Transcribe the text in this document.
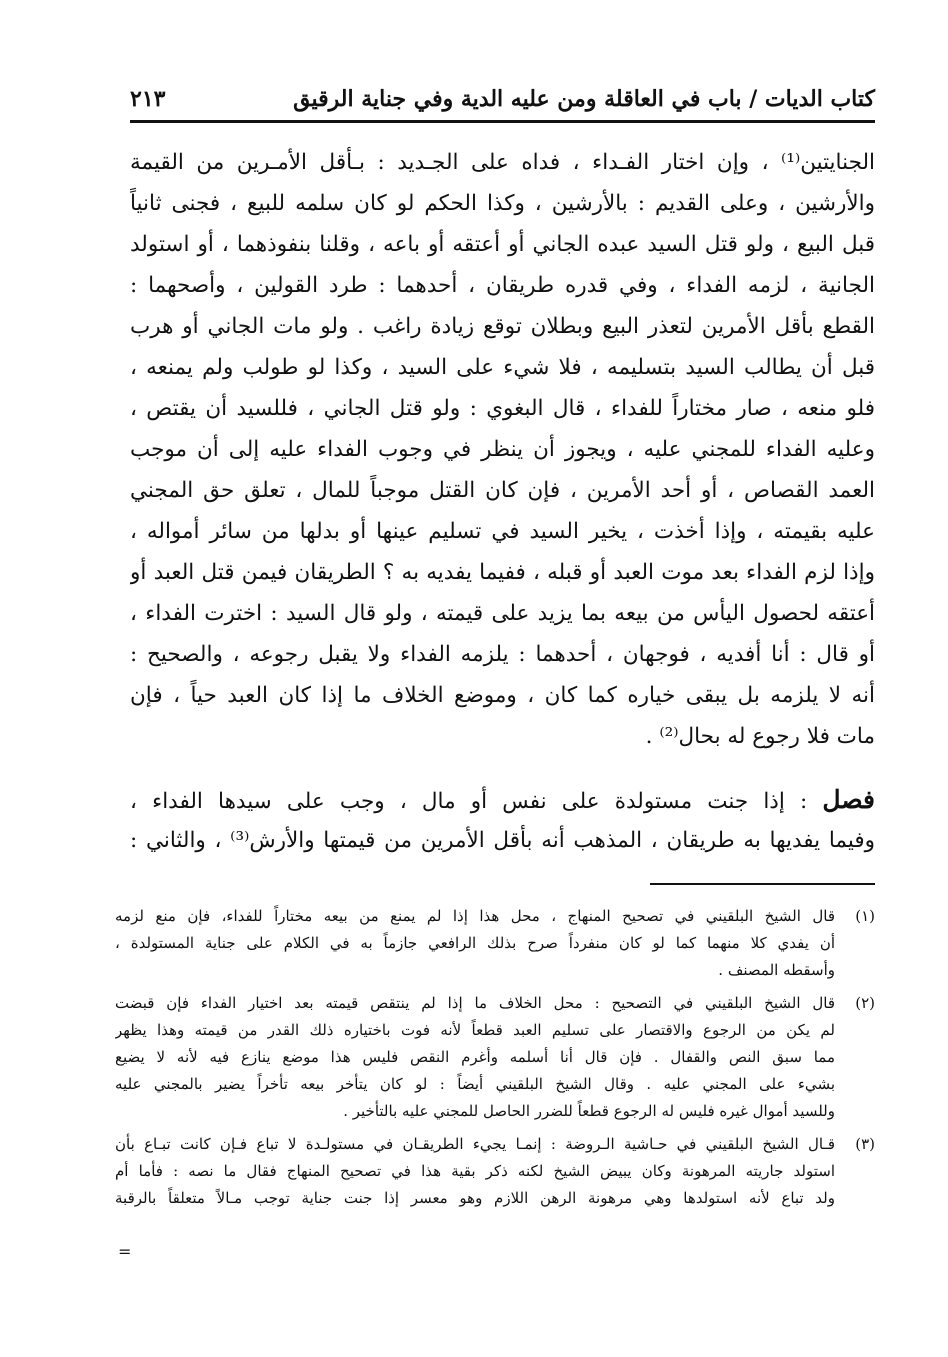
كتاب الديات / باب في العاقلة ومن عليه الدية وفي جناية الرقيق
٢١٣
الجنايتين⁽¹⁾ ، وإن اختار الفـداء ، فداه على الجـديد : بـأقل الأمـرين من القيمة
والأرشين ، وعلى القديم : بالأرشين ، وكذا الحكم لو كان سلمه للبيع ، فجنى ثانياً
قبل البيع ، ولو قتل السيد عبده الجاني أو أعتقه أو باعه ، وقلنا بنفوذهما ، أو استولد
الجانية ، لزمه الفداء ، وفي قدره طريقان ، أحدهما : طرد القولين ، وأصحهما :
القطع بأقل الأمرين لتعذر البيع وبطلان توقع زيادة راغب . ولو مات الجاني أو هرب
قبل أن يطالب السيد بتسليمه ، فلا شيء على السيد ، وكذا لو طولب ولم يمنعه ،
فلو منعه ، صار مختاراً للفداء ، قال البغوي : ولو قتل الجاني ، فللسيد أن يقتص ،
وعليه الفداء للمجني عليه ، ويجوز أن ينظر في وجوب الفداء عليه إلى أن موجب
العمد القصاص ، أو أحد الأمرين ، فإن كان القتل موجباً للمال ، تعلق حق المجني
عليه بقيمته ، وإذا أخذت ، يخير السيد في تسليم عينها أو بدلها من سائر أمواله ،
وإذا لزم الفداء بعد موت العبد أو قبله ، ففيما يفديه به ؟ الطريقان فيمن قتل العبد أو
أعتقه لحصول اليأس من بيعه بما يزيد على قيمته ، ولو قال السيد : اخترت الفداء ،
أو قال : أنا أفديه ، فوجهان ، أحدهما : يلزمه الفداء ولا يقبل رجوعه ، والصحيح :
أنه لا يلزمه بل يبقى خياره كما كان ، وموضع الخلاف ما إذا كان العبد حياً ، فإن
مات فلا رجوع له بحال⁽²⁾ .
فصل : إذا جنت مستولدة على نفس أو مال ، وجب على سيدها الفداء ،
وفيما يفديها به طريقان ، المذهب أنه بأقل الأمرين من قيمتها والأرش⁽³⁾ ، والثاني :
(١)
قال الشيخ البلقيني في تصحيح المنهاج ، محل هذا إذا لم يمنع من بيعه مختاراً للفداء، فإن منع لزمه
أن يفدي كلا منهما كما لو كان منفرداً صرح بذلك الرافعي جازماً به في الكلام على جناية المستولدة ،
وأسقطه المصنف .
(٢)
قال الشيخ البلقيني في التصحيح : محل الخلاف ما إذا لم ينتقص قيمته بعد اختيار الفداء فإن قبضت
لم يكن من الرجوع والاقتصار على تسليم العبد قطعاً لأنه فوت باختياره ذلك القدر من قيمته وهذا يظهر
مما سبق النص والقفال . فإن قال أنا أسلمه وأغرم النقص فليس هذا موضع ينازع فيه لأنه لا يضيع
بشيء على المجني عليه . وقال الشيخ البلقيني أيضاً : لو كان يتأخر بيعه تأخراً يضير بالمجني عليه
وللسيد أموال غيره فليس له الرجوع قطعاً للضرر الحاصل للمجني عليه بالتأخير .
(٣)
قـال الشيخ البلقيني في حـاشية الـروضة : إنمـا يجيء الطريقـان في مستولـدة لا تباع فـإن كانت تبـاع بأن
استولد جاريته المرهونة وكان يبيض الشيخ لكنه ذكر بقية هذا في تصحيح المنهاج فقال ما نصه : فأما أم
ولد تباع لأنه استولدها وهي مرهونة الرهن اللازم وهو معسر إذا جنت جناية توجب مـالاً متعلقاً بالرقبة
=
